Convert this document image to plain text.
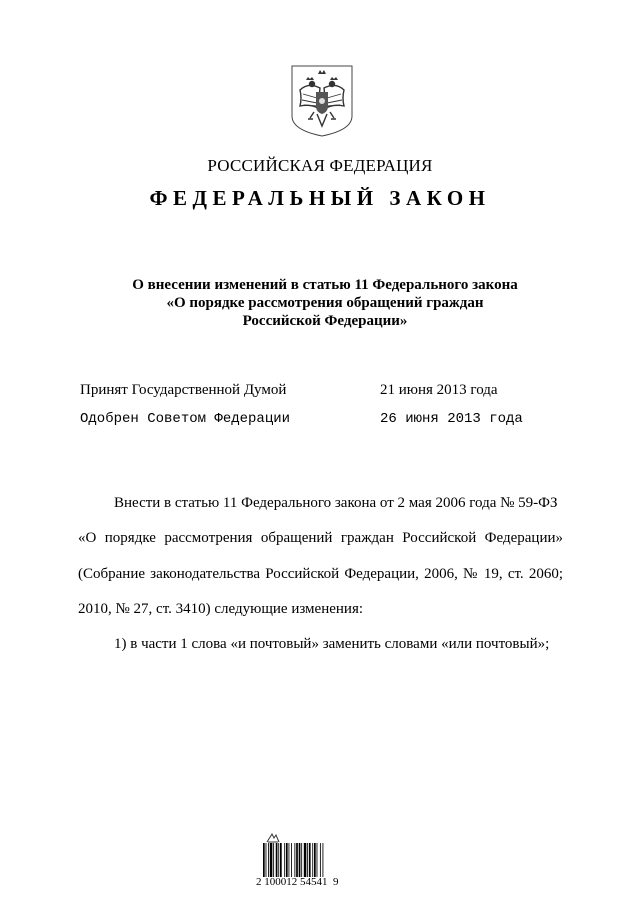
РОССИЙСКАЯ ФЕДЕРАЦИЯ
ФЕДЕРАЛЬНЫЙ ЗАКОН
О внесении изменений в статью 11 Федерального закона
«О порядке рассмотрения обращений граждан
Российской Федерации»
Принят Государственной Думой	21 июня 2013 года
Одобрен Советом Федерации	26 июня 2013 года
Внести в статью 11 Федерального закона от 2 мая 2006 года № 59-ФЗ
«О порядке рассмотрения обращений граждан Российской Федерации»
(Собрание законодательства Российской Федерации, 2006, № 19, ст. 2060;
2010, № 27, ст. 3410) следующие изменения:
1) в части 1 слова «и почтовый» заменить словами «или почтовый»;
2 100012 54541  9
